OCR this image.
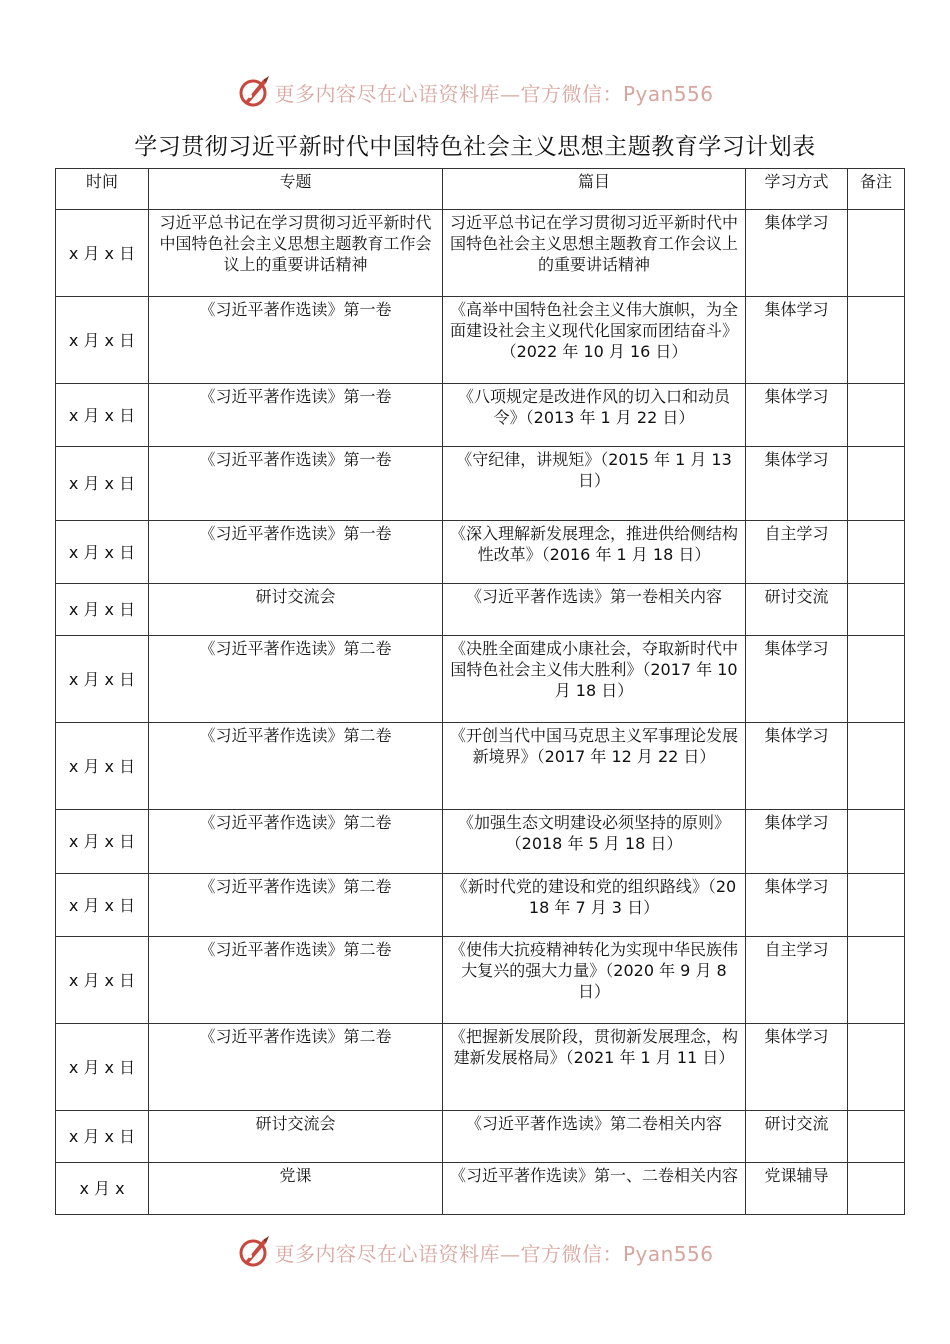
更多内容尽在心语资料库—官方微信：Pyan556
学习贯彻习近平新时代中国特色社会主义思想主题教育学习计划表
时间	专题	篇目	学习方式	备注
x 月 x 日	习近平总书记在学习贯彻习近平新时代中国特色社会主义思想主题教育工作会议上的重要讲话精神	习近平总书记在学习贯彻习近平新时代中国特色社会主义思想主题教育工作会议上的重要讲话精神	集体学习	
x 月 x 日	《习近平著作选读》第一卷	《高举中国特色社会主义伟大旗帜，为全面建设社会主义现代化国家而团结奋斗》（2022 年 10 月 16 日）	集体学习	
x 月 x 日	《习近平著作选读》第一卷	《八项规定是改进作风的切入口和动员令》（2013 年 1 月 22 日）	集体学习	
x 月 x 日	《习近平著作选读》第一卷	《守纪律，讲规矩》（2015 年 1 月 13 日）	集体学习	
x 月 x 日	《习近平著作选读》第一卷	《深入理解新发展理念，推进供给侧结构性改革》（2016 年 1 月 18 日）	自主学习	
x 月 x 日	研讨交流会	《习近平著作选读》第一卷相关内容	研讨交流	
x 月 x 日	《习近平著作选读》第二卷	《决胜全面建成小康社会，夺取新时代中国特色社会主义伟大胜利》（2017 年 10 月 18 日）	集体学习	
x 月 x 日	《习近平著作选读》第二卷	《开创当代中国马克思主义军事理论发展新境界》（2017 年 12 月 22 日）	集体学习	
x 月 x 日	《习近平著作选读》第二卷	《加强生态文明建设必须坚持的原则》（2018 年 5 月 18 日）	集体学习	
x 月 x 日	《习近平著作选读》第二卷	《新时代党的建设和党的组织路线》（2018 年 7 月 3 日）	集体学习	
x 月 x 日	《习近平著作选读》第二卷	《使伟大抗疫精神转化为实现中华民族伟大复兴的强大力量》（2020 年 9 月 8 日）	自主学习	
x 月 x 日	《习近平著作选读》第二卷	《把握新发展阶段，贯彻新发展理念，构建新发展格局》（2021 年 1 月 11 日）	集体学习	
x 月 x 日	研讨交流会	《习近平著作选读》第二卷相关内容	研讨交流	
x 月 x	党课	《习近平著作选读》第一、二卷相关内容	党课辅导	
更多内容尽在心语资料库—官方微信：Pyan556
